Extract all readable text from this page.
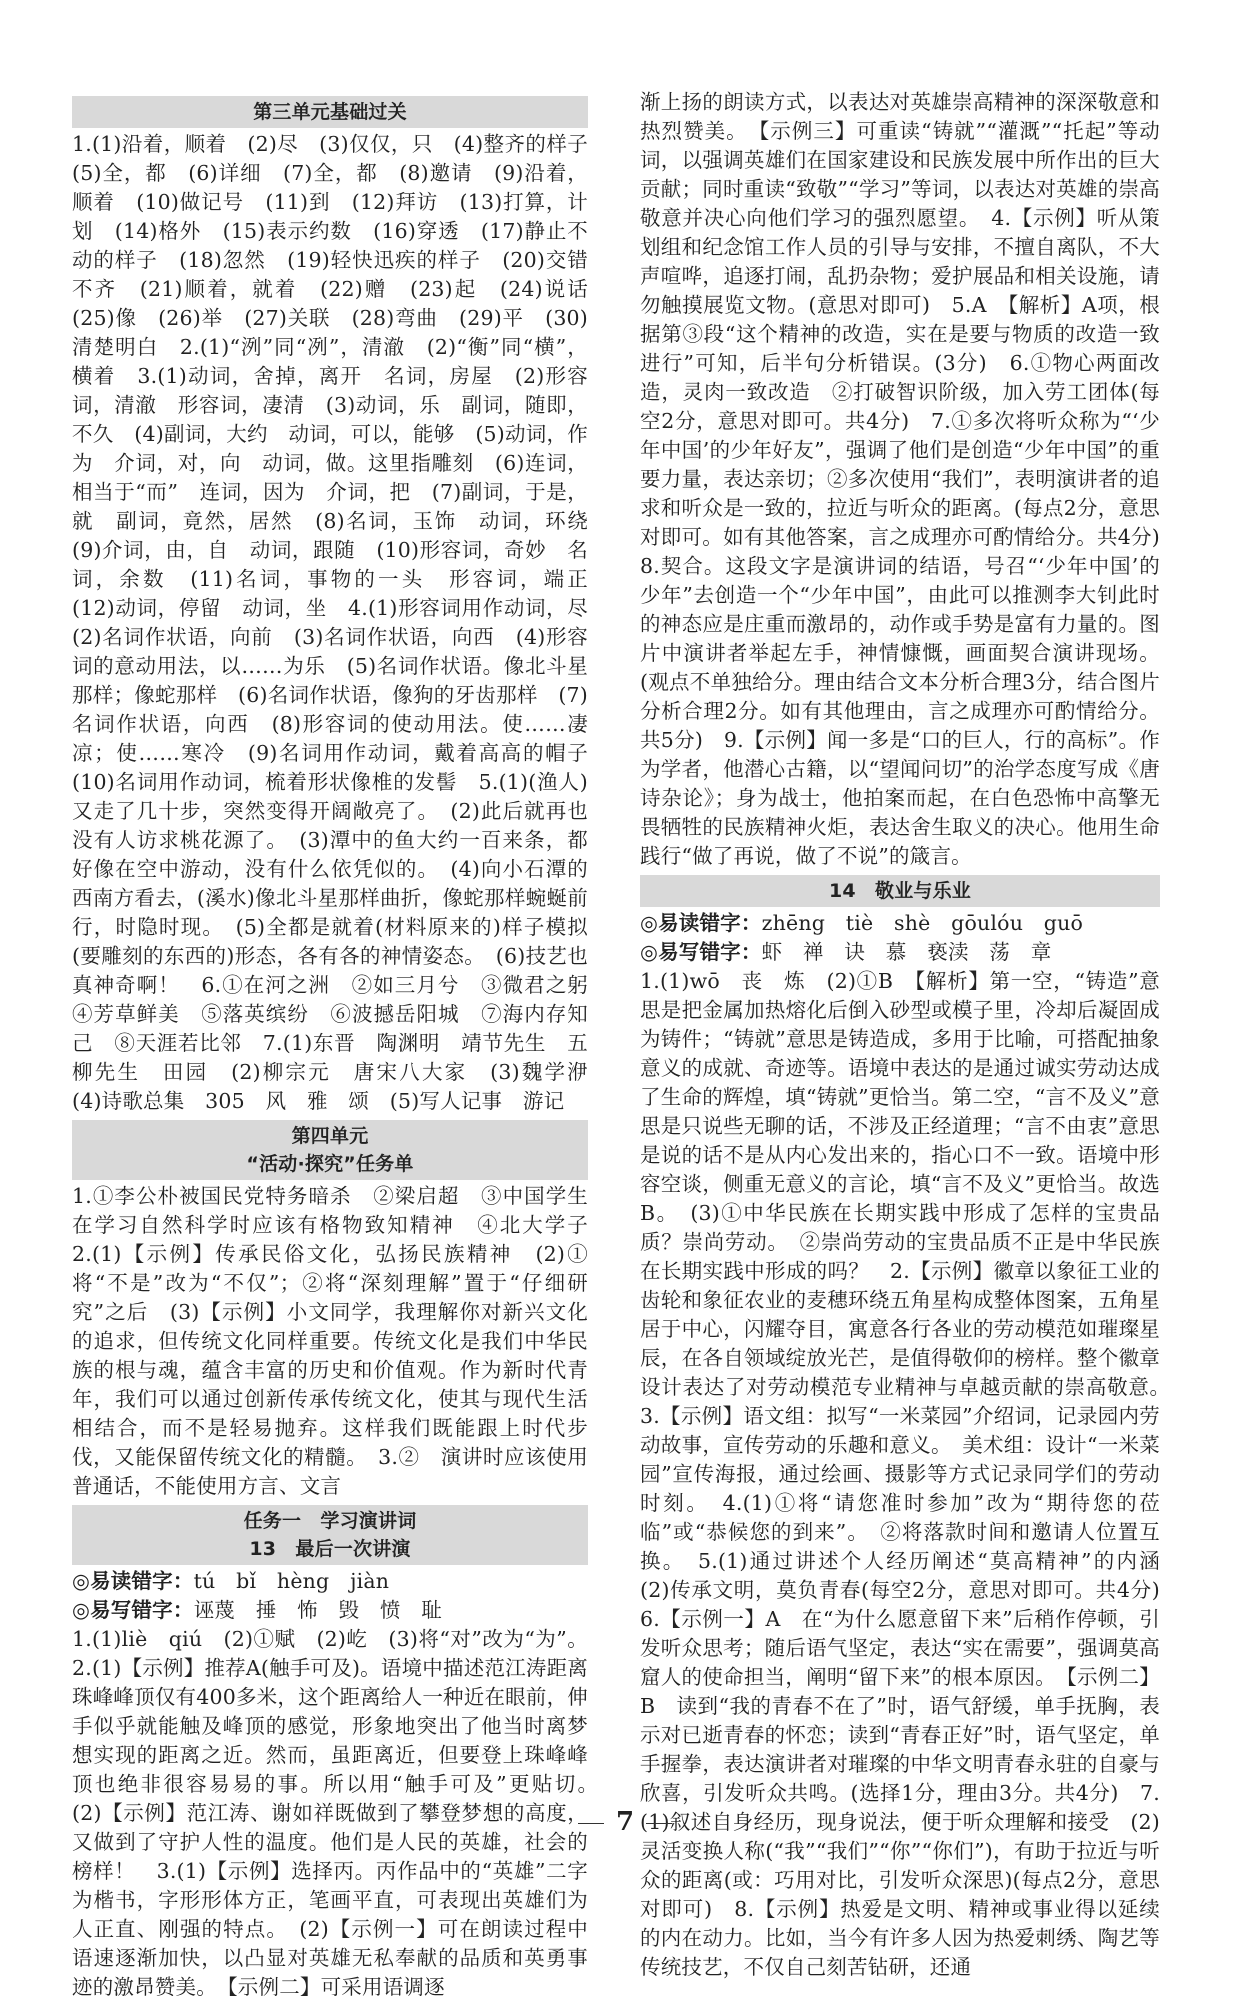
第三单元基础过关

1.(1)沿着，顺着　(2)尽　(3)仅仅，只　(4)整齐的样子　(5)全，都　(6)详细　(7)全，都　(8)邀请　(9)沿着，顺着　(10)做记号　(11)到　(12)拜访　(13)打算，计划　(14)格外　(15)表示约数　(16)穿透　(17)静止不动的样子　(18)忽然　(19)轻快迅疾的样子　(20)交错不齐　(21)顺着，就着　(22)赠　(23)起　(24)说话　(25)像　(26)举　(27)关联　(28)弯曲　(29)平　(30)清楚明白　2.(1)“洌”同“冽”，清澈　(2)“衡”同“横”，横着　3.(1)动词，舍掉，离开　名词，房屋　(2)形容词，清澈　形容词，凄清　(3)动词，乐　副词，随即，不久　(4)副词，大约　动词，可以，能够　(5)动词，作为　介词，对，向　动词，做。这里指雕刻　(6)连词，相当于“而”　连词，因为　介词，把　(7)副词，于是，就　副词，竟然，居然　(8)名词，玉饰　动词，环绕　(9)介词，由，自　动词，跟随　(10)形容词，奇妙　名词，余数　(11)名词，事物的一头　形容词，端正　(12)动词，停留　动词，坐　4.(1)形容词用作动词，尽　(2)名词作状语，向前　(3)名词作状语，向西　(4)形容词的意动用法，以……为乐　(5)名词作状语。像北斗星那样；像蛇那样　(6)名词作状语，像狗的牙齿那样　(7)名词作状语，向西　(8)形容词的使动用法。使……凄凉；使……寒冷　(9)名词用作动词，戴着高高的帽子　(10)名词用作动词，梳着形状像椎的发髻　5.(1)(渔人)又走了几十步，突然变得开阔敞亮了。　(2)此后就再也没有人访求桃花源了。　(3)潭中的鱼大约一百来条，都好像在空中游动，没有什么依凭似的。　(4)向小石潭的西南方看去，(溪水)像北斗星那样曲折，像蛇那样蜿蜒前行，时隐时现。　(5)全都是就着(材料原来的)样子模拟(要雕刻的东西的)形态，各有各的神情姿态。　(6)技艺也真神奇啊！　6.①在河之洲　②如三月兮　③微君之躬　④芳草鲜美　⑤落英缤纷　⑥波撼岳阳城　⑦海内存知己　⑧天涯若比邻　7.(1)东晋　陶渊明　靖节先生　五柳先生　田园　(2)柳宗元　唐宋八大家　(3)魏学洢　(4)诗歌总集　305　风　雅　颂　(5)写人记事　游记

第四单元
“活动·探究”任务单

1.①李公朴被国民党特务暗杀　②梁启超　③中国学生在学习自然科学时应该有格物致知精神　④北大学子　2.(1)【示例】传承民俗文化，弘扬民族精神　(2)①将“不是”改为“不仅”；②将“深刻理解”置于“仔细研究”之后　(3)【示例】小文同学，我理解你对新兴文化的追求，但传统文化同样重要。传统文化是我们中华民族的根与魂，蕴含丰富的历史和价值观。作为新时代青年，我们可以通过创新传承传统文化，使其与现代生活相结合，而不是轻易抛弃。这样我们既能跟上时代步伐，又能保留传统文化的精髓。　3.②　演讲时应该使用普通话，不能使用方言、文言

任务一　学习演讲词
13　最后一次讲演
◎易读错字：tú　bǐ　hèng　jiàn
◎易写错字：诬蔑　捶　怖　毁　愤　耻

1.(1)liè　qiú　(2)①赋　(2)屹　(3)将“对”改为“为”。2.(1)【示例】推荐A(触手可及)。语境中描述范江涛距离珠峰峰顶仅有400多米，这个距离给人一种近在眼前，伸手似乎就能触及峰顶的感觉，形象地突出了他当时离梦想实现的距离之近。然而，虽距离近，但要登上珠峰峰顶也绝非很容易易的事。所以用“触手可及”更贴切。　(2)【示例】范江涛、谢如祥既做到了攀登梦想的高度，又做到了守护人性的温度。他们是人民的英雄，社会的榜样！　3.(1)【示例】选择丙。丙作品中的“英雄”二字为楷书，字形形体方正，笔画平直，可表现出英雄们为人正直、刚强的特点。　(2)【示例一】可在朗读过程中语速逐渐加快，以凸显对英雄无私奉献的品质和英勇事迹的激昂赞美。　【示例二】可采用语调逐

渐上扬的朗读方式，以表达对英雄崇高精神的深深敬意和热烈赞美。　【示例三】可重读“铸就”“灌溉”“托起”等动词，以强调英雄们在国家建设和民族发展中所作出的巨大贡献；同时重读“致敬”“学习”等词，以表达对英雄的崇高敬意并决心向他们学习的强烈愿望。　4.【示例】听从策划组和纪念馆工作人员的引导与安排，不擅自离队，不大声喧哗，追逐打闹，乱扔杂物；爱护展品和相关设施，请勿触摸展览文物。(意思对即可)　5.A　【解析】A项，根据第③段“这个精神的改造，实在是要与物质的改造一致进行”可知，后半句分析错误。(3分)　6.①物心两面改造，灵肉一致改造　②打破智识阶级，加入劳工团体(每空2分，意思对即可。共4分)　7.①多次将听众称为“‘少年中国’的少年好友”，强调了他们是创造“少年中国”的重要力量，表达亲切；②多次使用“我们”，表明演讲者的追求和听众是一致的，拉近与听众的距离。(每点2分，意思对即可。如有其他答案，言之成理亦可酌情给分。共4分)　8.契合。这段文字是演讲词的结语，号召“‘少年中国’的少年”去创造一个“少年中国”，由此可以推测李大钊此时的神态应是庄重而激昂的，动作或手势是富有力量的。图片中演讲者举起左手，神情慷慨，画面契合演讲现场。(观点不单独给分。理由结合文本分析合理3分，结合图片分析合理2分。如有其他理由，言之成理亦可酌情给分。共5分)　9.【示例】闻一多是“口的巨人，行的高标”。作为学者，他潜心古籍，以“望闻问切”的治学态度写成《唐诗杂论》；身为战士，他拍案而起，在白色恐怖中高擎无畏牺牲的民族精神火炬，表达舍生取义的决心。他用生命践行“做了再说，做了不说”的箴言。

14　敬业与乐业
◎易读错字：zhēng　tiè　shè　gōulóu　guō
◎易写错字：虾　禅　诀　慕　亵渎　荡　章

1.(1)wō　丧　炼　(2)①B　【解析】第一空，“铸造”意思是把金属加热熔化后倒入砂型或模子里，冷却后凝固成为铸件；“铸就”意思是铸造成，多用于比喻，可搭配抽象意义的成就、奇迹等。语境中表达的是通过诚实劳动达成了生命的辉煌，填“铸就”更恰当。第二空，“言不及义”意思是只说些无聊的话，不涉及正经道理；“言不由衷”意思是说的话不是从内心发出来的，指心口不一致。语境中形容空谈，侧重无意义的言论，填“言不及义”更恰当。故选B。　(3)①中华民族在长期实践中形成了怎样的宝贵品质？崇尚劳动。　②崇尚劳动的宝贵品质不正是中华民族在长期实践中形成的吗？　2.【示例】徽章以象征工业的齿轮和象征农业的麦穗环绕五角星构成整体图案，五角星居于中心，闪耀夺目，寓意各行各业的劳动模范如璀璨星辰，在各自领域绽放光芒，是值得敬仰的榜样。整个徽章设计表达了对劳动模范专业精神与卓越贡献的崇高敬意。　3.【示例】语文组：拟写“一米菜园”介绍词，记录园内劳动故事，宣传劳动的乐趣和意义。　美术组：设计“一米菜园”宣传海报，通过绘画、摄影等方式记录同学们的劳动时刻。　4.(1)①将“请您准时参加”改为“期待您的莅临”或“恭候您的到来”。　②将落款时间和邀请人位置互换。　5.(1)通过讲述个人经历阐述“莫高精神”的内涵　(2)传承文明，莫负青春(每空2分，意思对即可。共4分)　6.【示例一】A　在“为什么愿意留下来”后稍作停顿，引发听众思考；随后语气坚定，表达“实在需要”，强调莫高窟人的使命担当，阐明“留下来”的根本原因。　【示例二】B　读到“我的青春不在了”时，语气舒缓，单手抚胸，表示对已逝青春的怀恋；读到“青春正好”时，语气坚定，单手握拳，表达演讲者对璀璨的中华文明青春永驻的自豪与欣喜，引发听众共鸣。(选择1分，理由3分。共4分)　7.(1)叙述自身经历，现身说法，便于听众理解和接受　(2)灵活变换人称(“我”“我们”“你”“你们”)，有助于拉近与听众的距离(或：巧用对比，引发听众深思)(每点2分，意思对即可)　8.【示例】热爱是文明、精神或事业得以延续的内在动力。比如，当今有许多人因为热爱刺绣、陶艺等传统技艺，不仅自己刻苦钻研，还通

7
